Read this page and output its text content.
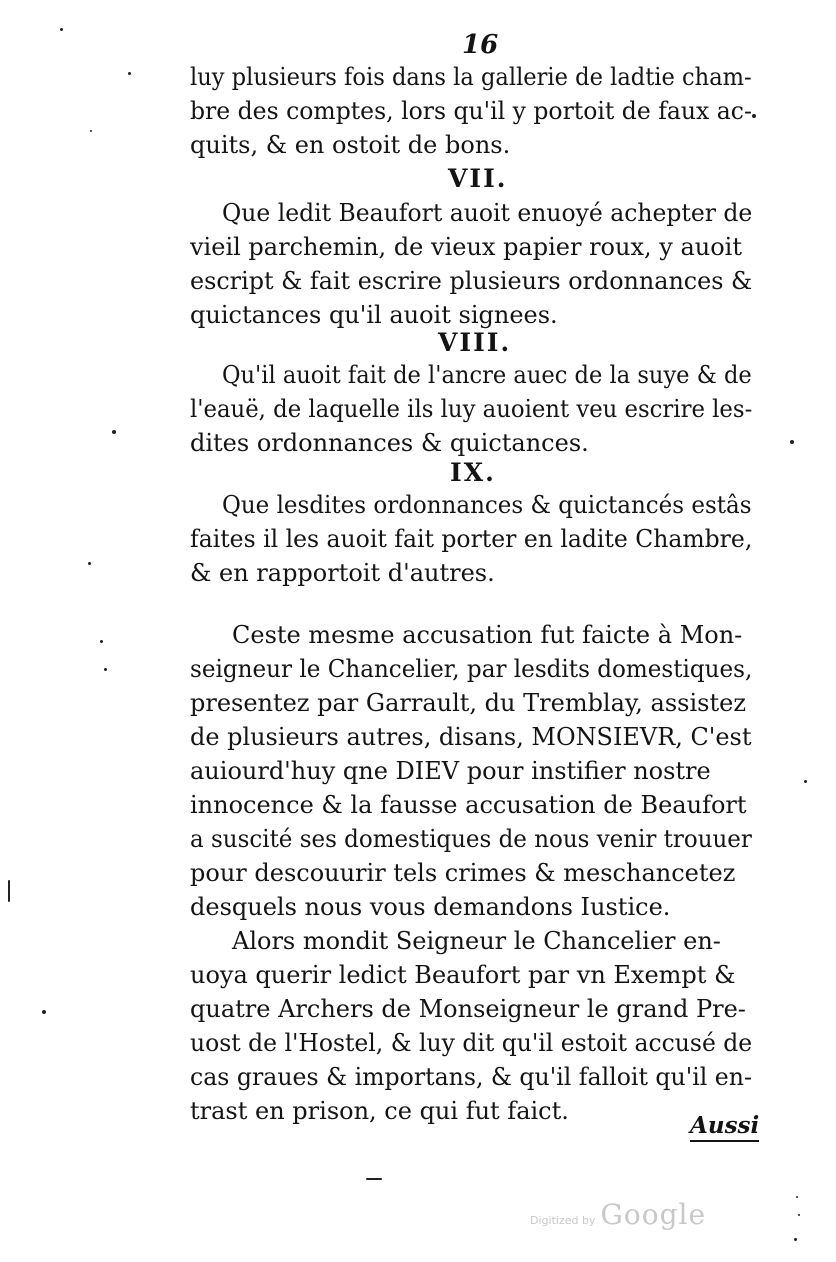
16
luy plusieurs fois dans la gallerie de ladtie cham-
bre des comptes, lors qu'il y portoit de faux ac-
quits, & en ostoit de bons.
VII.
Que ledit Beaufort auoit enuoyé achepter de
vieil parchemin, de vieux papier roux, y auoit
escript & fait escrire plusieurs ordonnances &
quictances qu'il auoit signees.
VIII.
Qu'il auoit fait de l'ancre auec de la suye & de
l'eauë, de laquelle ils luy auoient veu escrire les-
dites ordonnances & quictances.
IX.
Que lesdites ordonnances & quictancés estâs
faites il les auoit fait porter en ladite Chambre,
& en rapportoit d'autres.
Ceste mesme accusation fut faicte à Mon-
seigneur le Chancelier, par lesdits domestiques,
presentez par Garrault, du Tremblay, assistez
de plusieurs autres, disans, MONSIEVR, C'est
auiourd'huy qne DIEV pour instifier nostre
innocence & la fausse accusation de Beaufort
a suscité ses domestiques de nous venir trouuer
pour descouurir tels crimes & meschancetez
desquels nous vous demandons Iustice.
Alors mondit Seigneur le Chancelier en-
uoya querir ledict Beaufort par vn Exempt &
quatre Archers de Monseigneur le grand Pre-
uost de l'Hostel, & luy dit qu'il estoit accusé de
cas graues & importans, & qu'il falloit qu'il en-
trast en prison, ce qui fut faict.
Aussi
Digitized by Google
